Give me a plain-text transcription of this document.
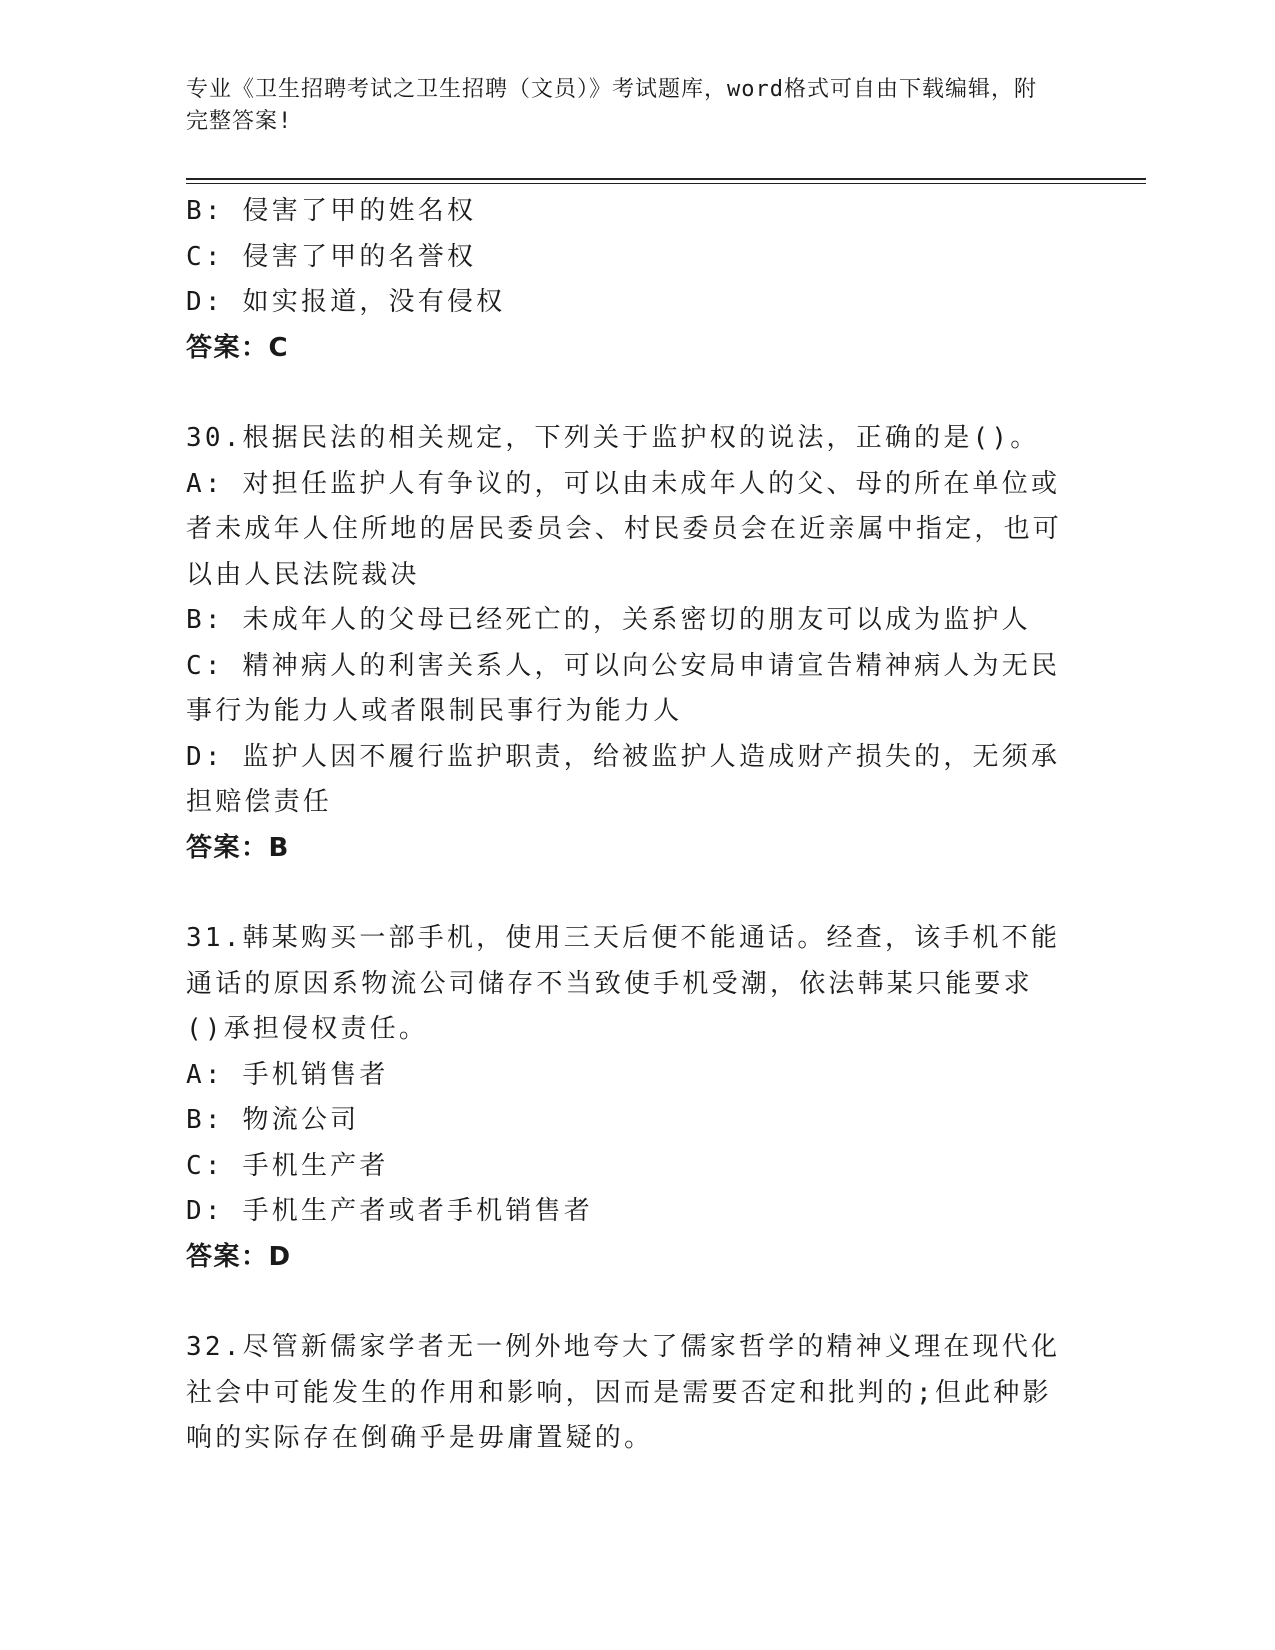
专业《卫生招聘考试之卫生招聘（文员）》考试题库，word格式可自由下载编辑，附完整答案!
B: 侵害了甲的姓名权
C: 侵害了甲的名誉权
D: 如实报道，没有侵权
答案：C
30.根据民法的相关规定，下列关于监护权的说法，正确的是()。
A: 对担任监护人有争议的，可以由未成年人的父、母的所在单位或者未成年人住所地的居民委员会、村民委员会在近亲属中指定，也可以由人民法院裁决
B: 未成年人的父母已经死亡的，关系密切的朋友可以成为监护人
C: 精神病人的利害关系人，可以向公安局申请宣告精神病人为无民事行为能力人或者限制民事行为能力人
D: 监护人因不履行监护职责，给被监护人造成财产损失的，无须承担赔偿责任
答案：B
31.韩某购买一部手机，使用三天后便不能通话。经查，该手机不能通话的原因系物流公司储存不当致使手机受潮，依法韩某只能要求()承担侵权责任。
A: 手机销售者
B: 物流公司
C: 手机生产者
D: 手机生产者或者手机销售者
答案：D
32.尽管新儒家学者无一例外地夸大了儒家哲学的精神义理在现代化社会中可能发生的作用和影响，因而是需要否定和批判的;但此种影响的实际存在倒确乎是毋庸置疑的。
